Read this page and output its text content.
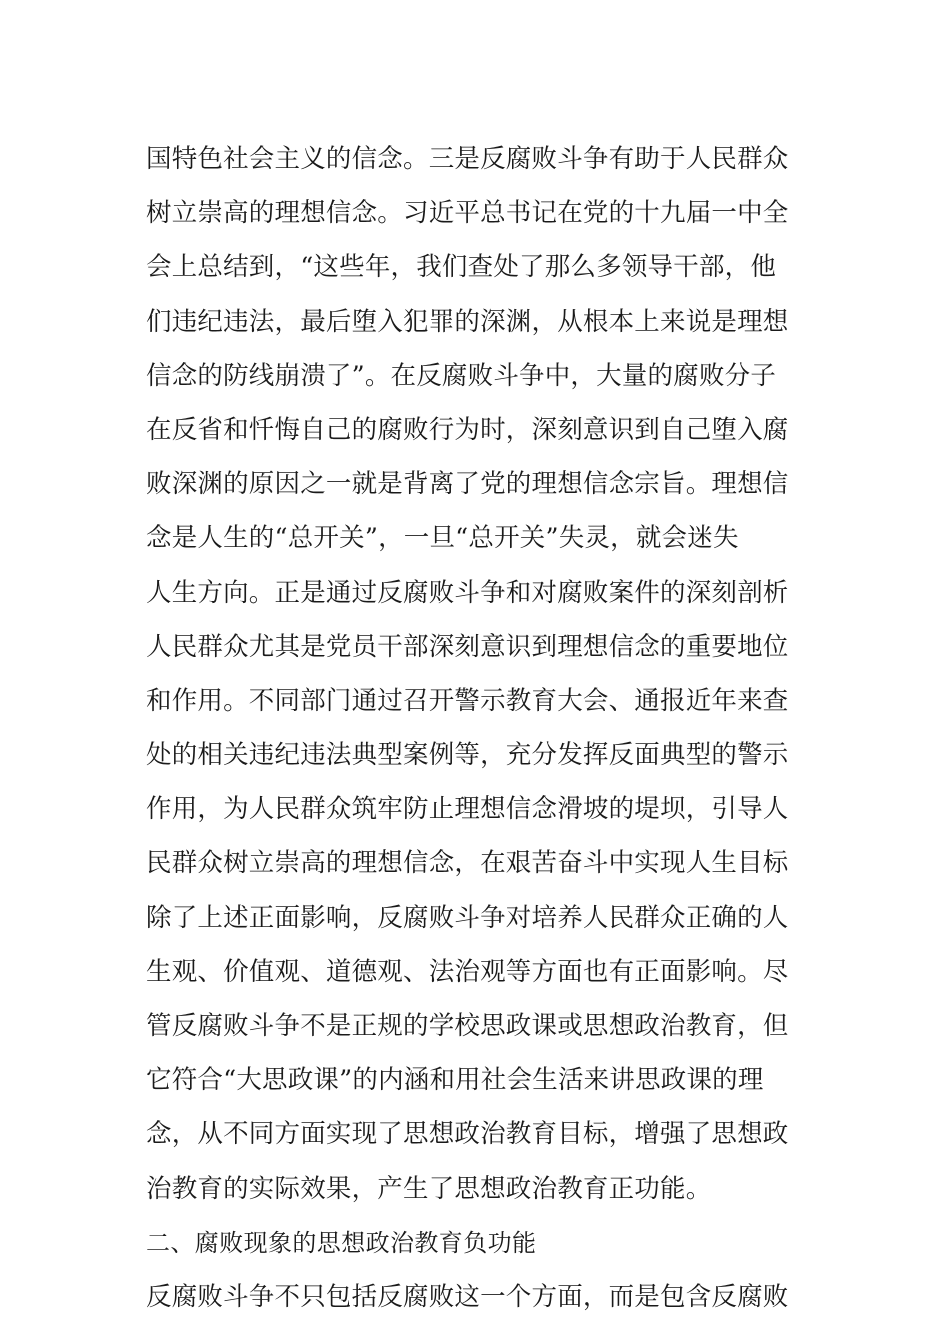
国特色社会主义的信念。三是反腐败斗争有助于人民群众
树立崇高的理想信念。习近平总书记在党的十九届一中全
会上总结到，“这些年，我们查处了那么多领导干部，他
们违纪违法，最后堕入犯罪的深渊，从根本上来说是理想
信念的防线崩溃了”。在反腐败斗争中，大量的腐败分子
在反省和忏悔自己的腐败行为时，深刻意识到自己堕入腐
败深渊的原因之一就是背离了党的理想信念宗旨。理想信
念是人生的“总开关”，一旦“总开关”失灵，就会迷失
人生方向。正是通过反腐败斗争和对腐败案件的深刻剖析
人民群众尤其是党员干部深刻意识到理想信念的重要地位
和作用。不同部门通过召开警示教育大会、通报近年来查
处的相关违纪违法典型案例等，充分发挥反面典型的警示
作用，为人民群众筑牢防止理想信念滑坡的堤坝，引导人
民群众树立崇高的理想信念，在艰苦奋斗中实现人生目标
除了上述正面影响，反腐败斗争对培养人民群众正确的人
生观、价值观、道德观、法治观等方面也有正面影响。尽
管反腐败斗争不是正规的学校思政课或思想政治教育，但
它符合“大思政课”的内涵和用社会生活来讲思政课的理
念，从不同方面实现了思想政治教育目标，增强了思想政
治教育的实际效果，产生了思想政治教育正功能。
二、腐败现象的思想政治教育负功能
反腐败斗争不只包括反腐败这一个方面，而是包含反腐败
